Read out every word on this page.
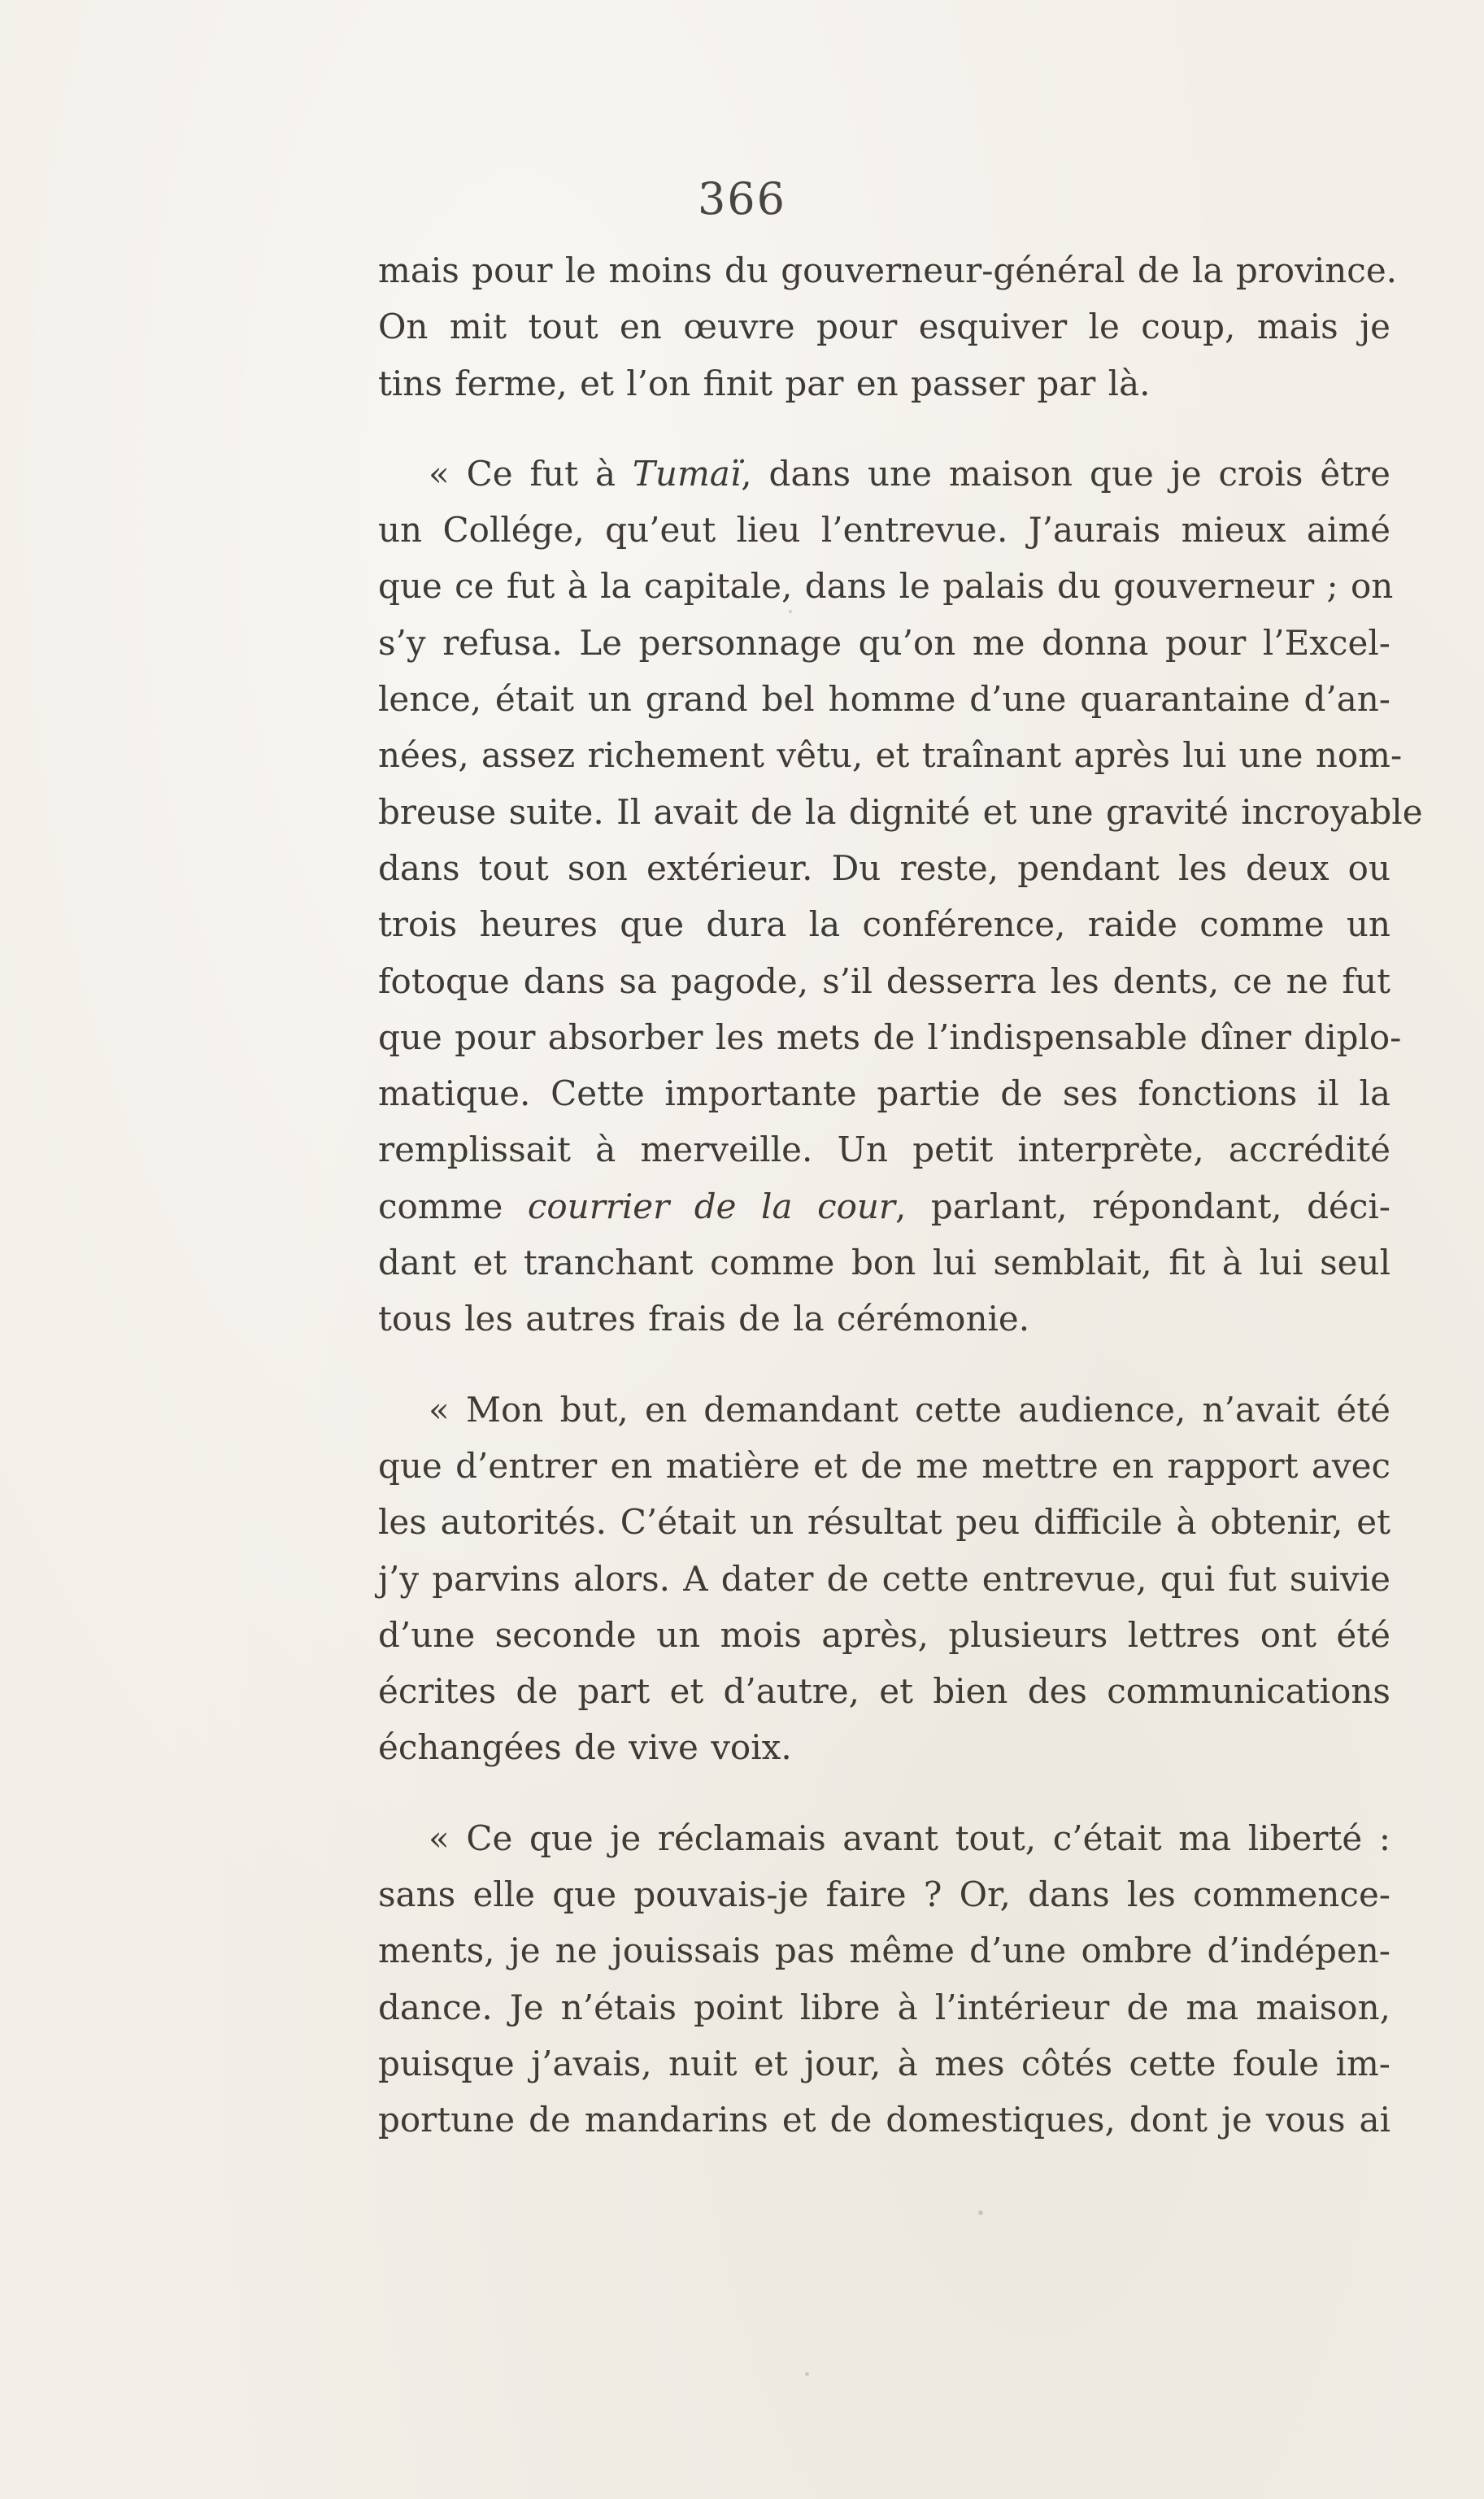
366

mais pour le moins du gouverneur-général de la province.
On mit tout en œuvre pour esquiver le coup, mais je
tins ferme, et l’on finit par en passer par là.

« Ce fut à Tumaï, dans une maison que je crois être
un Collége, qu’eut lieu l’entrevue. J’aurais mieux aimé
que ce fut à la capitale, dans le palais du gouverneur ; on
s’y refusa. Le personnage qu’on me donna pour l’Excel-
lence, était un grand bel homme d’une quarantaine d’an-
nées, assez richement vêtu, et traînant après lui une nom-
breuse suite. Il avait de la dignité et une gravité incroyable
dans tout son extérieur. Du reste, pendant les deux ou
trois heures que dura la conférence, raide comme un
fotoque dans sa pagode, s’il desserra les dents, ce ne fut
que pour absorber les mets de l’indispensable dîner diplo-
matique. Cette importante partie de ses fonctions il la
remplissait à merveille. Un petit interprète, accrédité
comme courrier de la cour, parlant, répondant, déci-
dant et tranchant comme bon lui semblait, fit à lui seul
tous les autres frais de la cérémonie.

« Mon but, en demandant cette audience, n’avait été
que d’entrer en matière et de me mettre en rapport avec
les autorités. C’était un résultat peu difficile à obtenir, et
j’y parvins alors. A dater de cette entrevue, qui fut suivie
d’une seconde un mois après, plusieurs lettres ont été
écrites de part et d’autre, et bien des communications
échangées de vive voix.

« Ce que je réclamais avant tout, c’était ma liberté :
sans elle que pouvais-je faire ? Or, dans les commence-
ments, je ne jouissais pas même d’une ombre d’indépen-
dance. Je n’étais point libre à l’intérieur de ma maison,
puisque j’avais, nuit et jour, à mes côtés cette foule im-
portune de mandarins et de domestiques, dont je vous ai
